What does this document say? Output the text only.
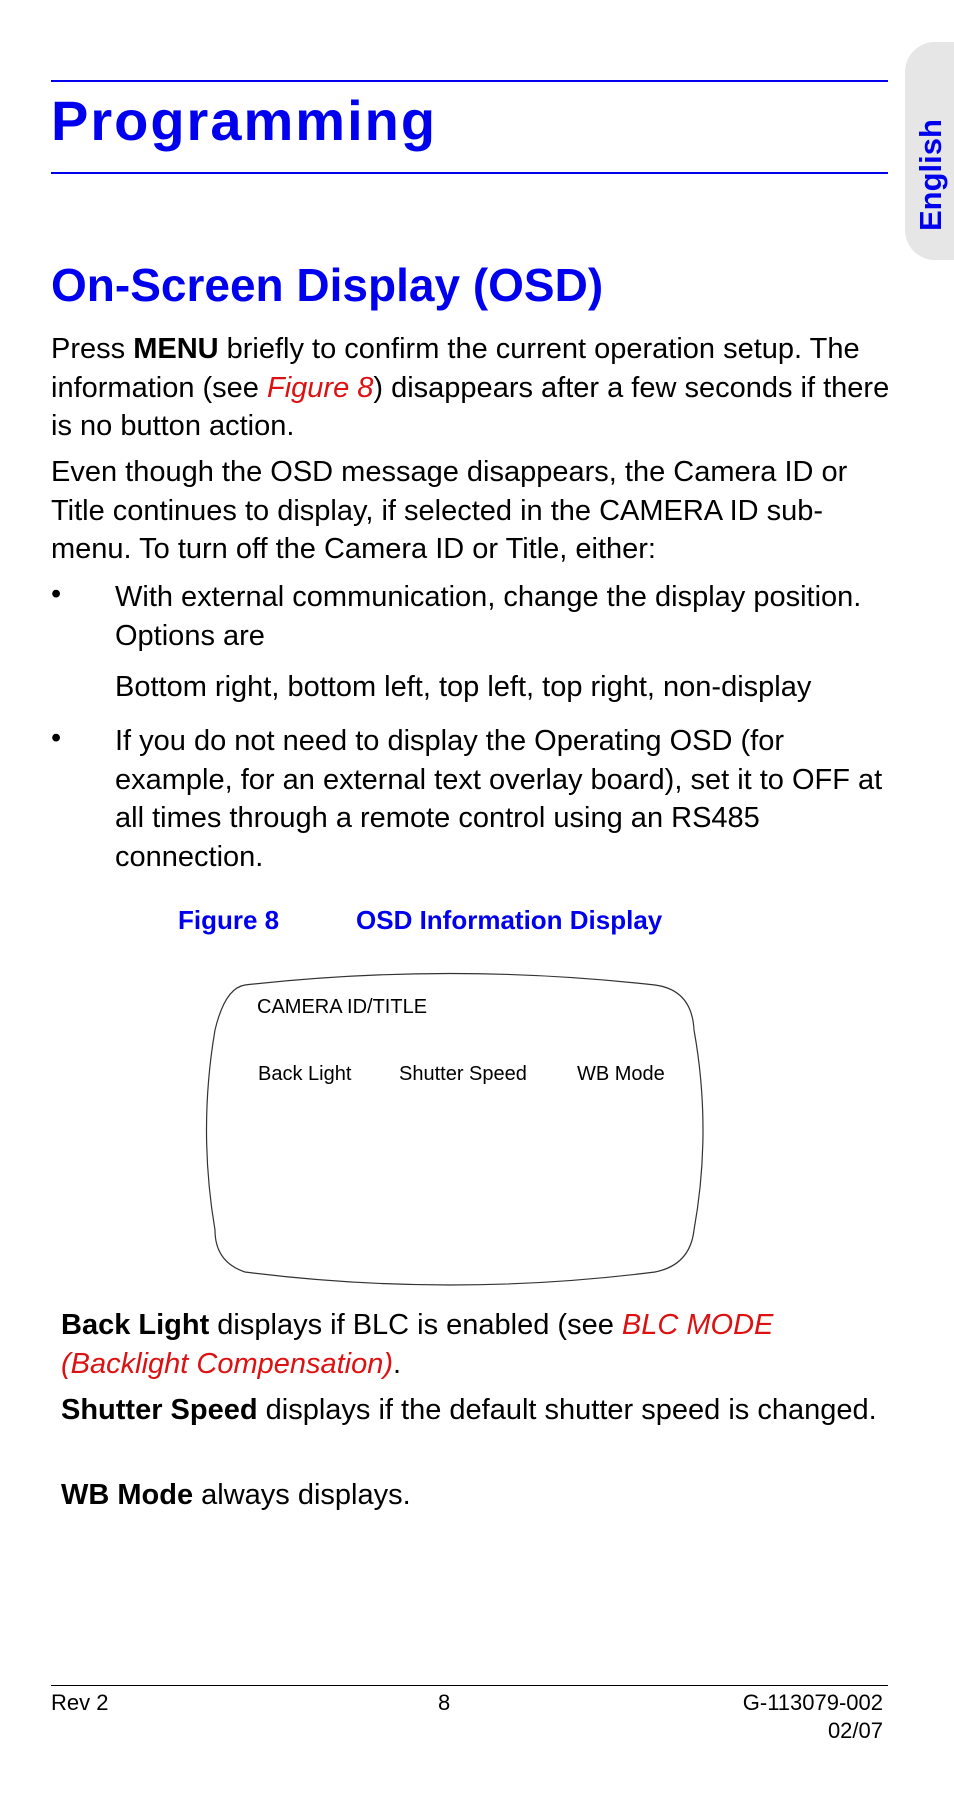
Programming	English
On-Screen Display (OSD)
Press MENU briefly to confirm the current operation setup. The information (see Figure 8) disappears after a few seconds if there is no button action.
Even though the OSD message disappears, the Camera ID or Title continues to display, if selected in the CAMERA ID sub-menu. To turn off the Camera ID or Title, either:
• With external communication, change the display position. Options are
Bottom right, bottom left, top left, top right, non-display
• If you do not need to display the Operating OSD (for example, for an external text overlay board), set it to OFF at all times through a remote control using an RS485 connection.
Figure 8	OSD Information Display
CAMERA ID/TITLE
Back Light Shutter Speed	WB Mode
Back Light displays if BLC is enabled (see BLC MODE (Backlight Compensation).
Shutter Speed displays if the default shutter speed is changed.
WB Mode always displays.
Rev 2	8	G-113079-002
02/07
